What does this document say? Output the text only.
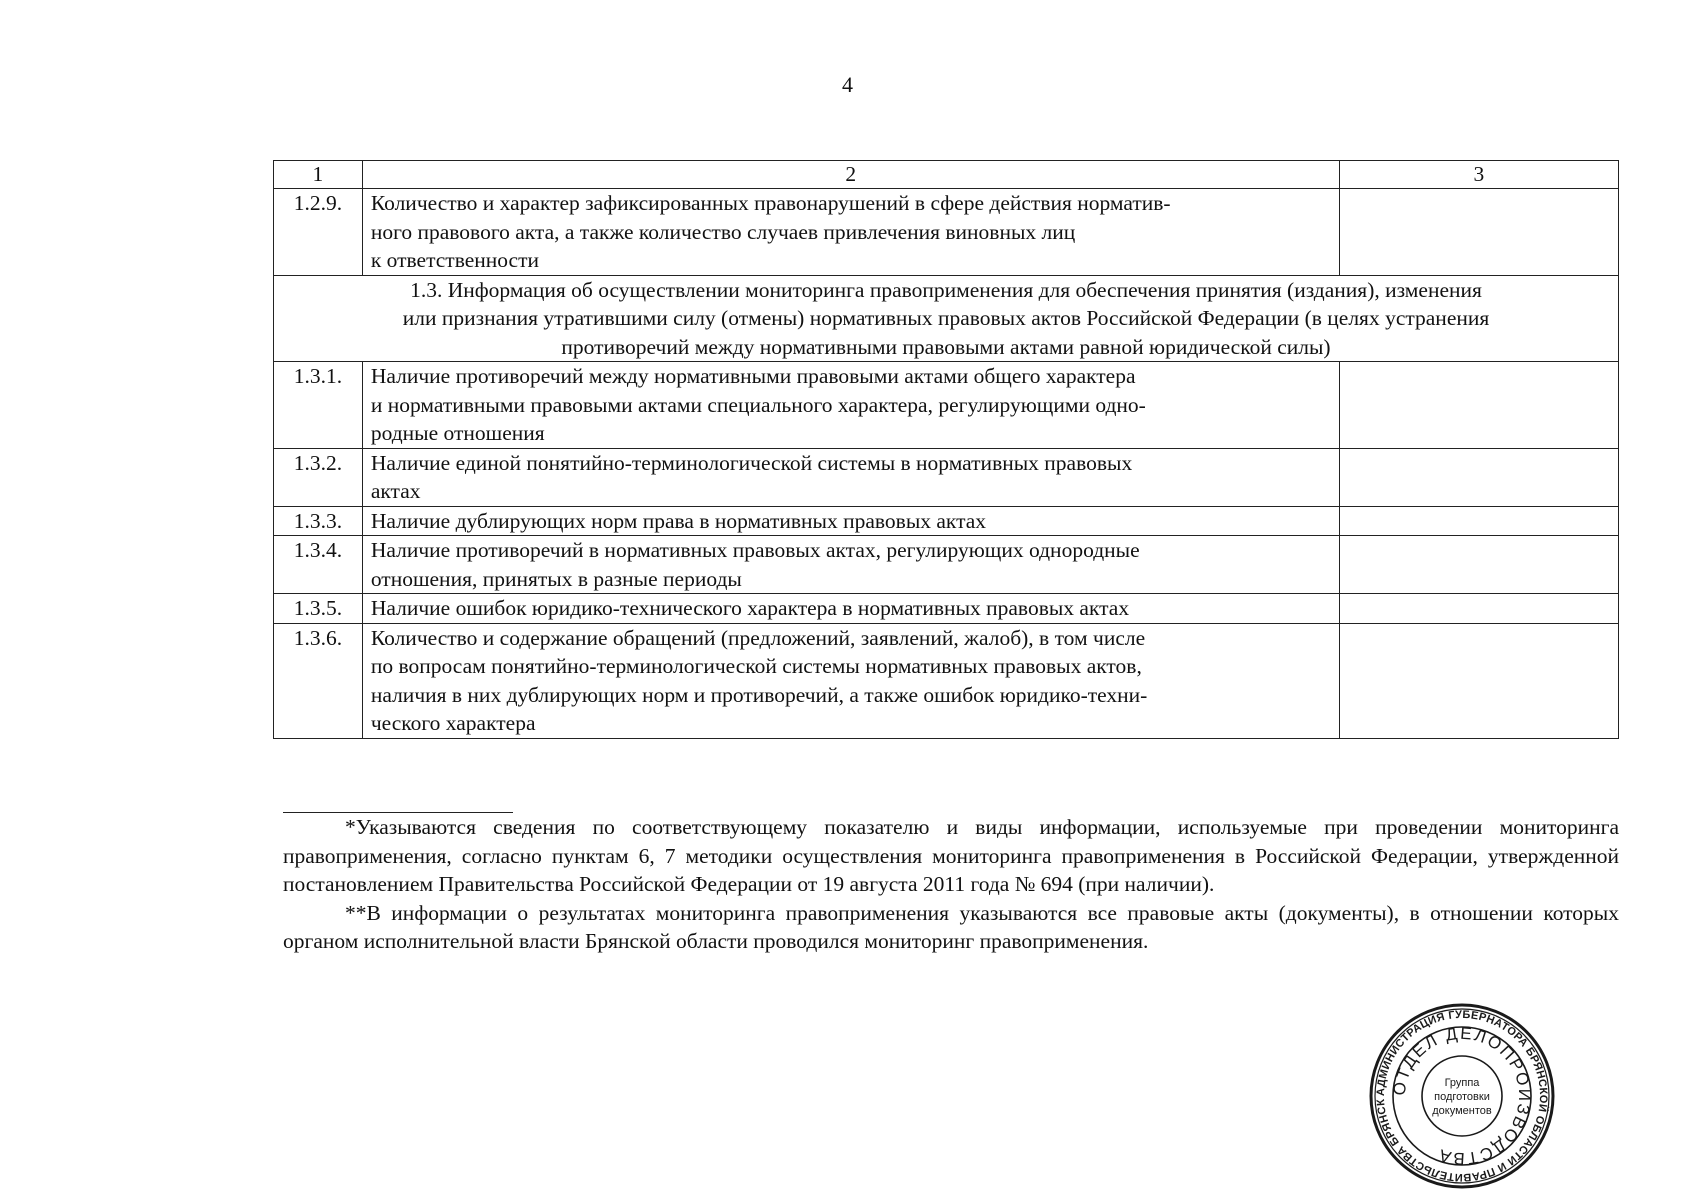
4
1	2	3
1.2.9.	Количество и характер зафиксированных правонарушений в сфере действия норматив-
ного правового акта, а также количество случаев привлечения виновных лиц
к ответственности	

1.3. Информация об осуществлении мониторинга правоприменения для обеспечения принятия (издания), изменения
или признания утратившими силу (отмены) нормативных правовых актов Российской Федерации (в целях устранения
противоречий между нормативными правовыми актами равной юридической силы)		

1.3.1.	Наличие противоречий между нормативными правовыми актами общего характера
и нормативными правовыми актами специального характера, регулирующими одно-
родные отношения	

1.3.2.	Наличие единой понятийно-терминологической системы в нормативных правовых
актах	

1.3.3.	Наличие дублирующих норм права в нормативных правовых актах	

1.3.4.	Наличие противоречий в нормативных правовых актах, регулирующих однородные
отношения, принятых в разные периоды	

1.3.5.	Наличие ошибок юридико-технического характера в нормативных правовых актах	

1.3.6.	Количество и содержание обращений (предложений, заявлений, жалоб), в том числе
по вопросам понятийно-терминологической системы нормативных правовых актов,
наличия в них дублирующих норм и противоречий, а также ошибок юридико-техни-
ческого характера	

*Указываются сведения по соответствующему показателю и виды информации, используемые при проведении мониторинга правоприменения, согласно пунктам 6, 7 методики осуществления мониторинга правоприменения в Российской Федерации, утвержденной постановлением Правительства Российской Федерации от 19 августа 2011 года № 694 (при наличии).

**В информации о результатах мониторинга правоприменения указываются все правовые акты (документы), в отношении которых органом исполнительной власти Брянской области проводился мониторинг правоприменения.

АДМИНИСТРАЦИЯ ГУБЕРНАТОРА БРЯНСКОЙ ОБЛАСТИ И ПРАВИТЕЛЬСТВА БРЯНСК
ОТДЕЛ ДЕЛОПРОИЗВОДСТВА
Группа
подготовки
документов
